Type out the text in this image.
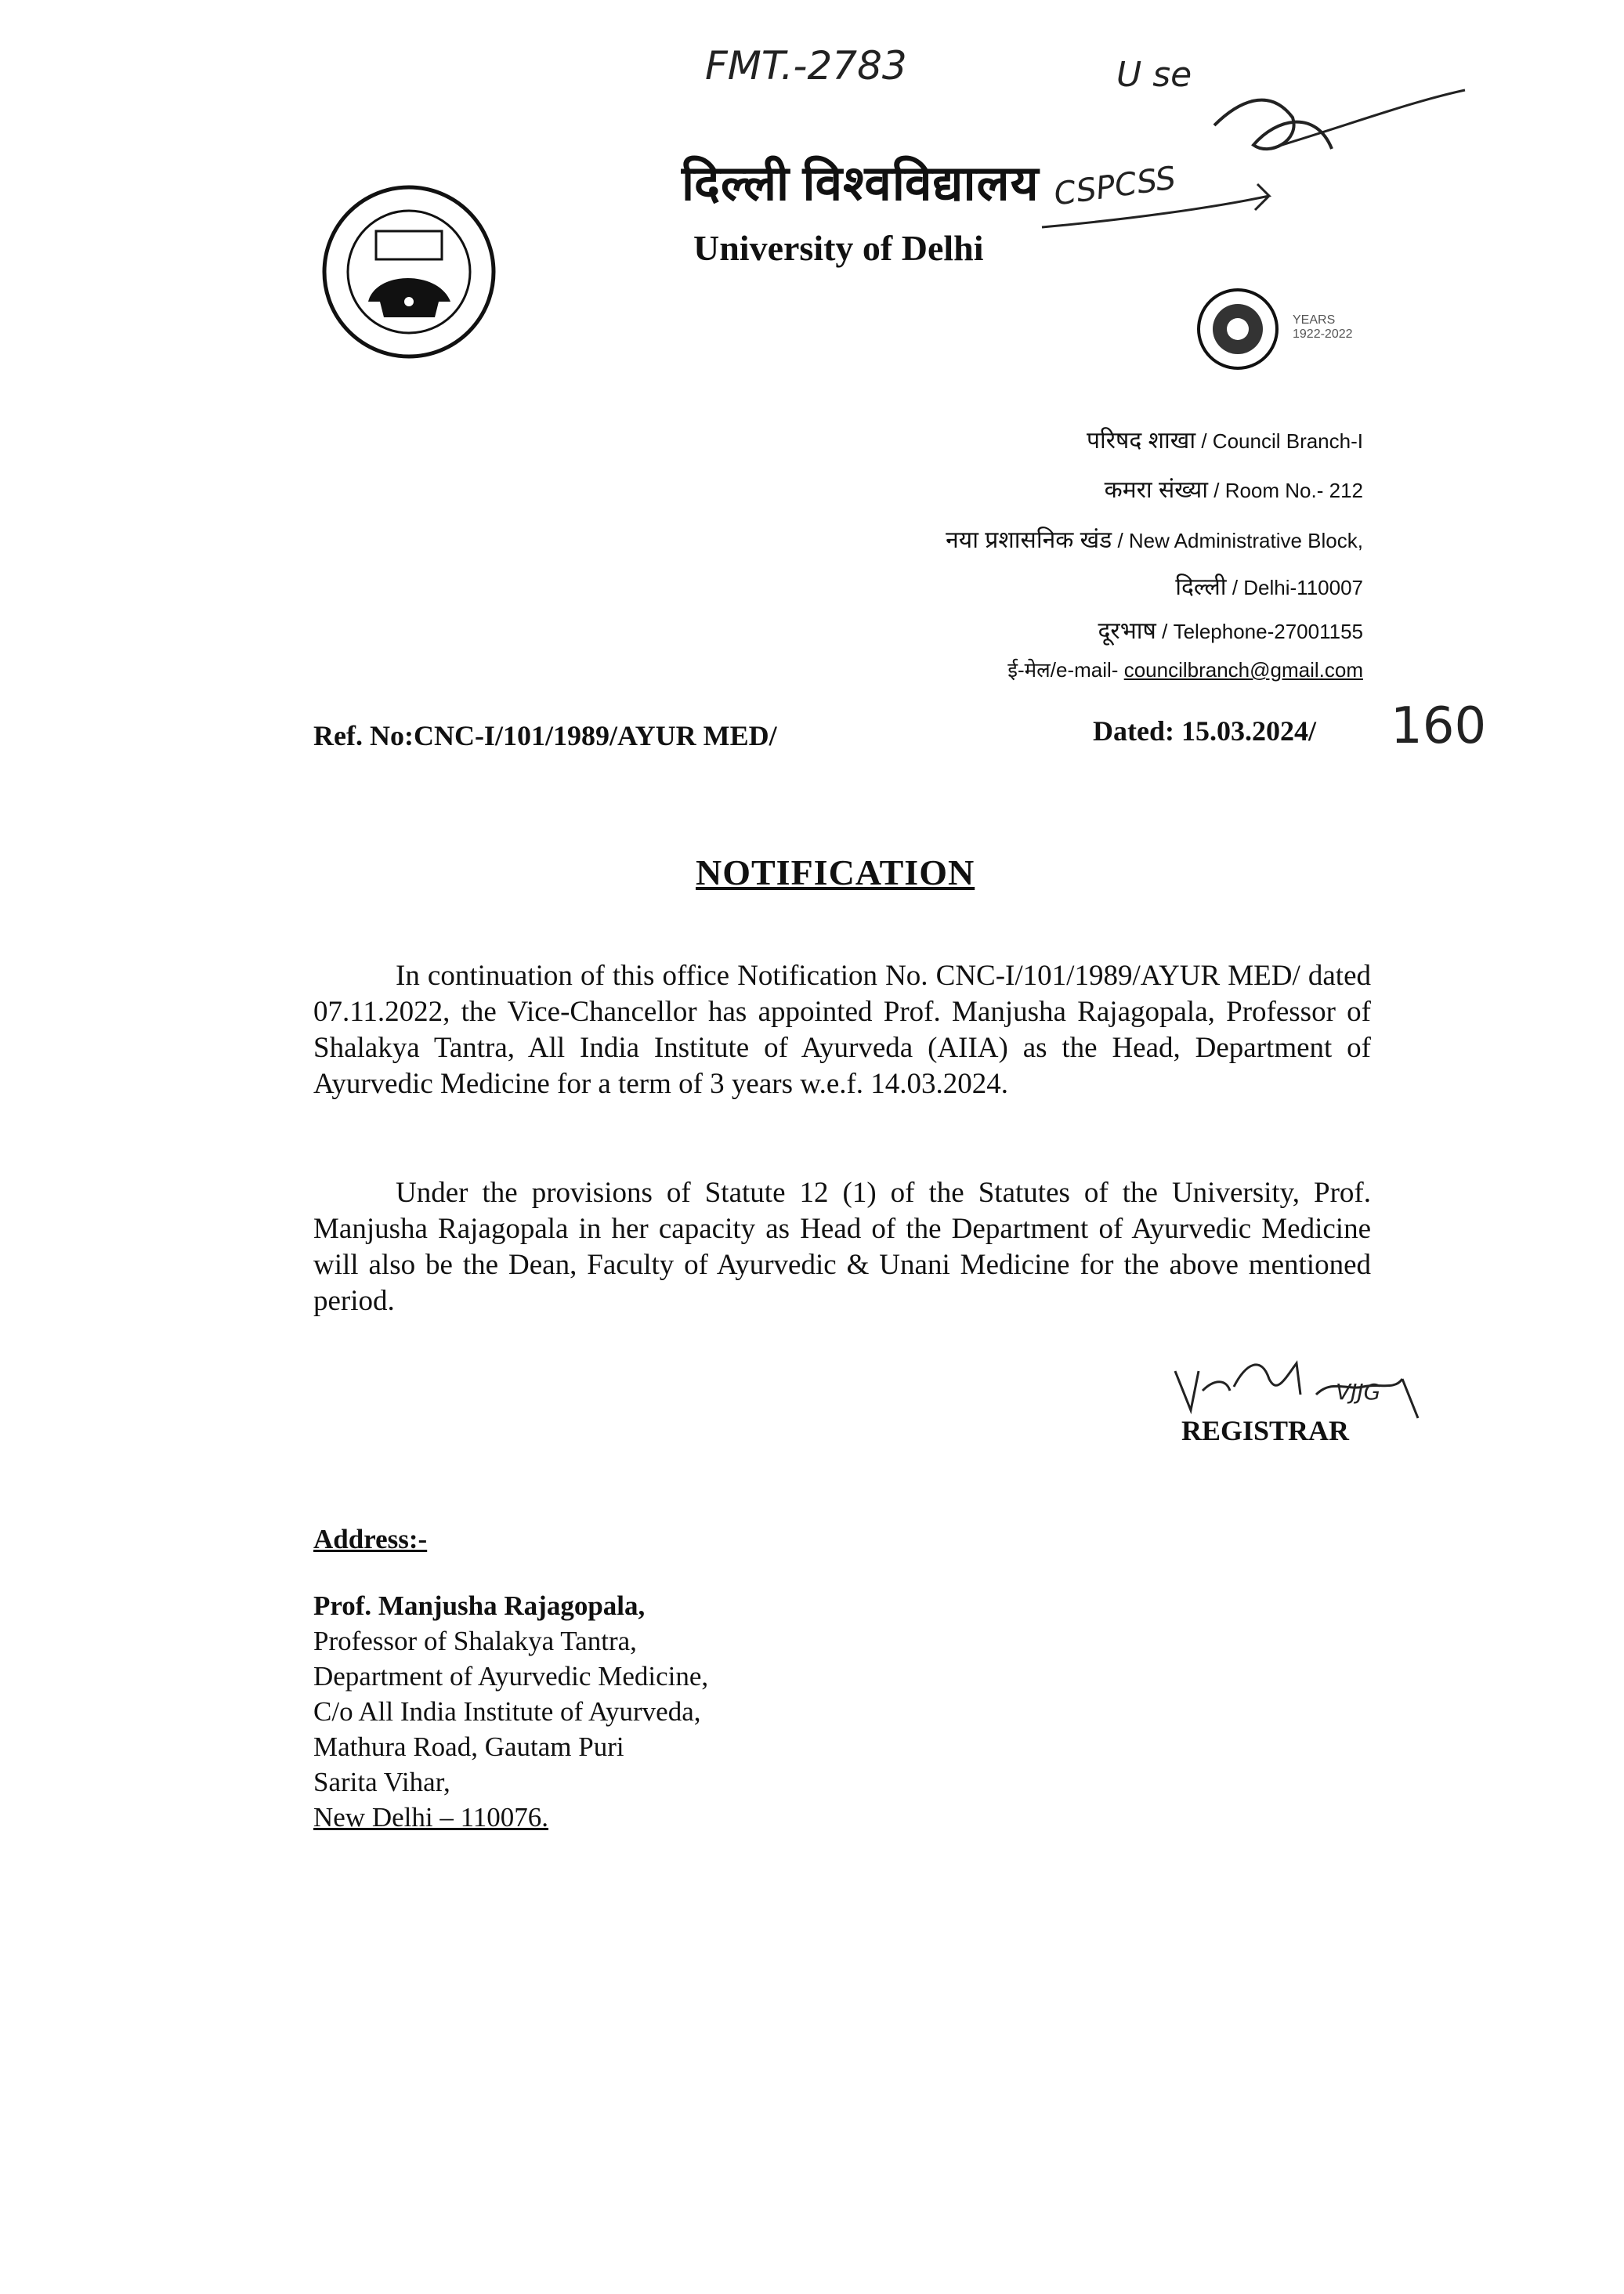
FMT.-2783	U se
CSPCSS
दिल्ली विश्वविद्यालय
University of Delhi
YEARS 1922-2022
परिषद शाखा / Council Branch-I
कमरा संख्या / Room No.- 212
नया प्रशासनिक खंड / New Administrative Block,
दिल्ली / Delhi-110007
दूरभाष / Telephone-27001155
ई-मेल/e-mail- councilbranch@gmail.com
Ref. No:CNC-I/101/1989/AYUR MED/	Dated: 15.03.2024/ 160
NOTIFICATION

In continuation of this office Notification No. CNC-I/101/1989/AYUR MED/ dated 07.11.2022, the Vice-Chancellor has appointed Prof. Manjusha Rajagopala, Professor of Shalakya Tantra, All India Institute of Ayurveda (AIIA) as the Head, Department of Ayurvedic Medicine for a term of 3 years w.e.f. 14.03.2024.

Under the provisions of Statute 12 (1) of the Statutes of the University, Prof. Manjusha Rajagopala in her capacity as Head of the Department of Ayurvedic Medicine will also be the Dean, Faculty of Ayurvedic & Unani Medicine for the above mentioned period.

VJJG
REGISTRAR
Address:-
Prof. Manjusha Rajagopala,
Professor of Shalakya Tantra,
Department of Ayurvedic Medicine,
C/o All India Institute of Ayurveda,
Mathura Road, Gautam Puri
Sarita Vihar,
New Delhi – 110076.
